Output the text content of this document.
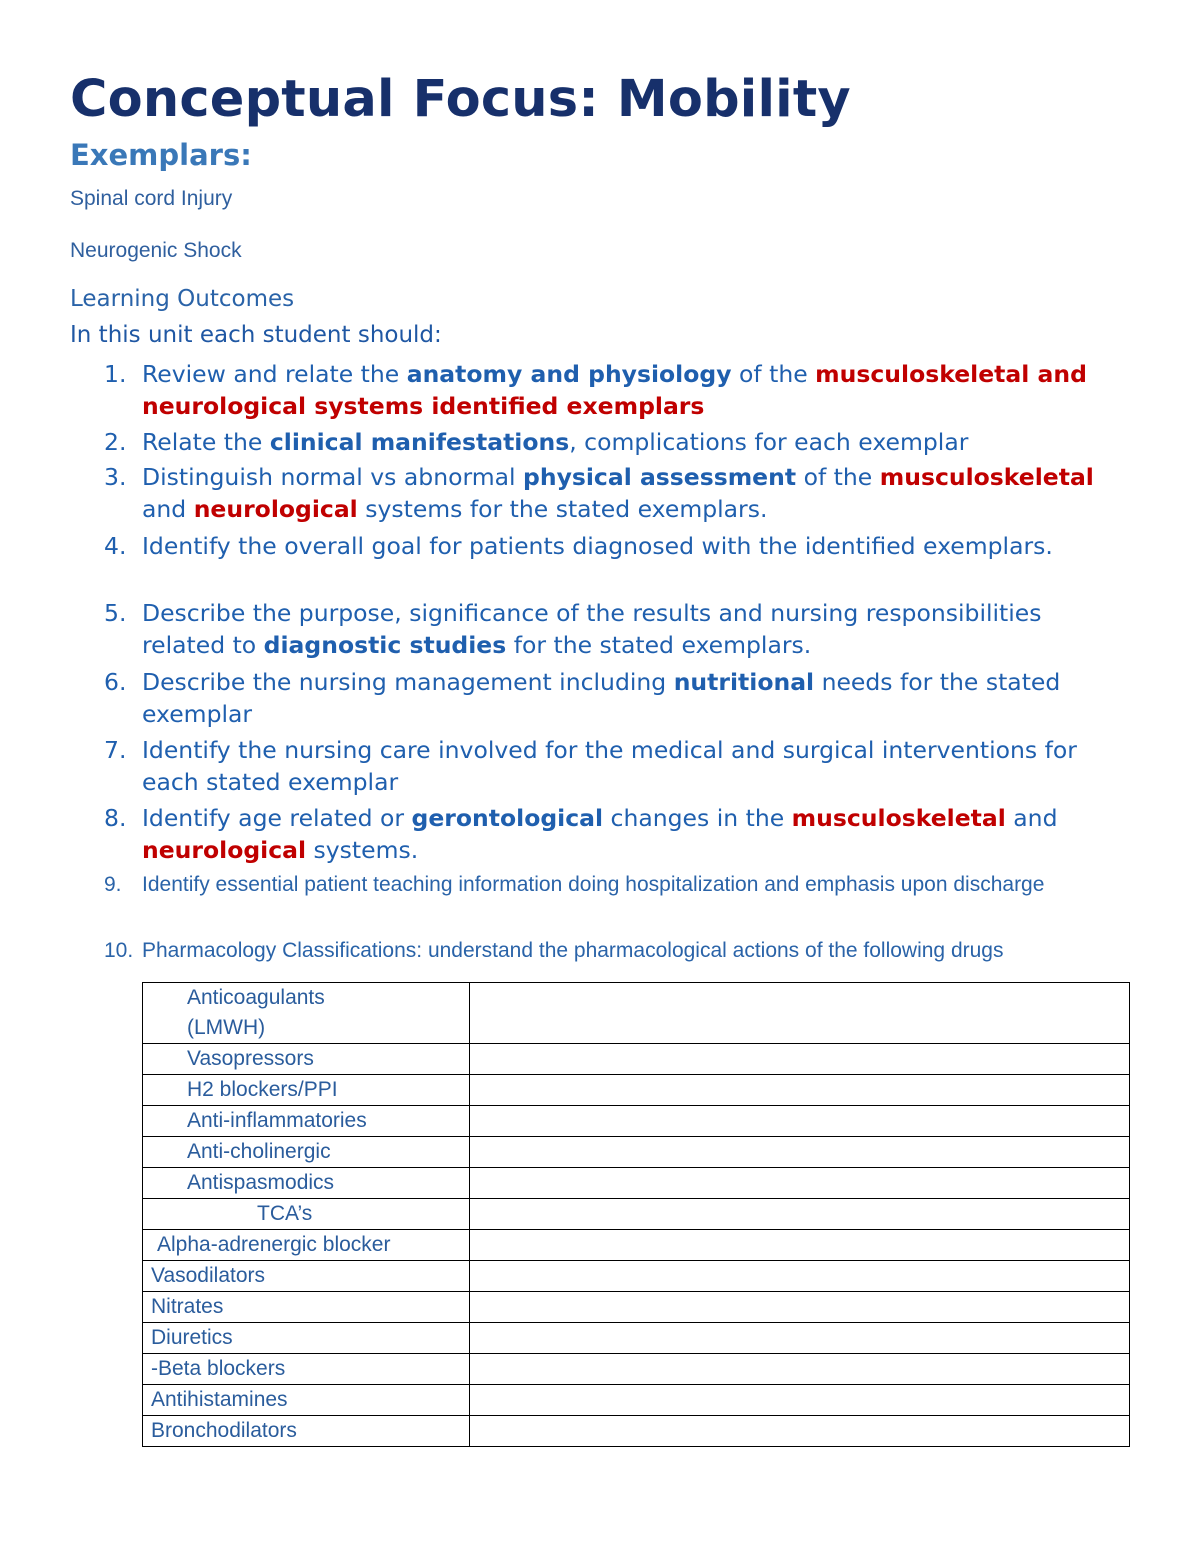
Conceptual Focus: Mobility
Exemplars:

Spinal cord Injury

Neurogenic Shock

Learning Outcomes

In this unit each student should:

1. Review and relate the anatomy and physiology of the musculoskeletal and neurological systems identified exemplars
2. Relate the clinical manifestations, complications for each exemplar
3. Distinguish normal vs abnormal physical assessment of the musculoskeletal and neurological systems for the stated exemplars.
4. Identify the overall goal for patients diagnosed with the identified exemplars.
5. Describe the purpose, significance of the results and nursing responsibilities related to diagnostic studies for the stated exemplars.
6. Describe the nursing management including nutritional needs for the stated exemplar
7. Identify the nursing care involved for the medical and surgical interventions for each stated exemplar
8. Identify age related or gerontological changes in the musculoskeletal and neurological systems.
9. Identify essential patient teaching information doing hospitalization and emphasis upon discharge
10. Pharmacology Classifications: understand the pharmacological actions of the following drugs
Anticoagulants (LMWH)	

Vasopressors	
H2 blockers/PPI	
Anti-inflammatories	
Anti-cholinergic	
Antispasmodics	
TCA’s	
Alpha-adrenergic blocker	
Vasodilators	
Nitrates	
Diuretics	
-Beta blockers	
Antihistamines	
Bronchodilators	
